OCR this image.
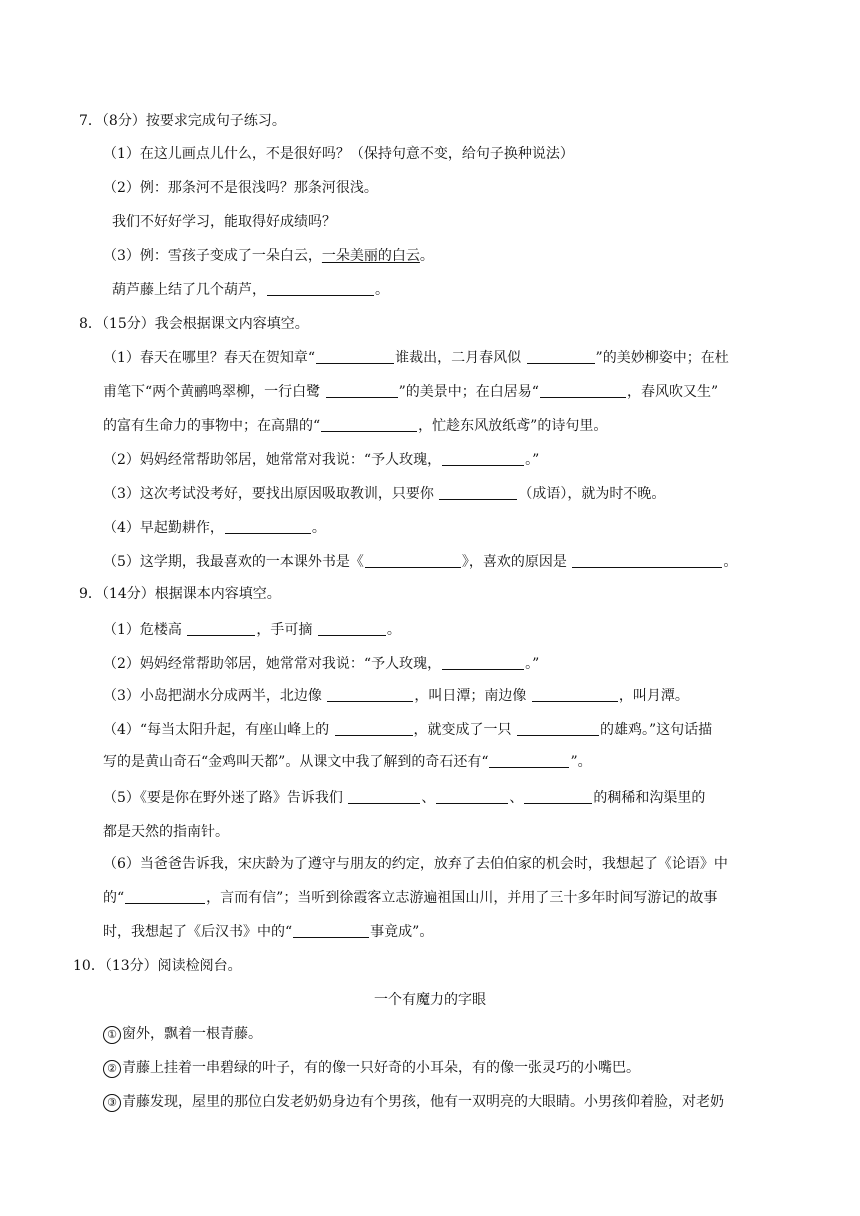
7．（8分）按要求完成句子练习。
（1）在这儿画点儿什么，不是很好吗？（保持句意不变，给句子换种说法）
（2）例：那条河不是很浅吗？那条河很浅。
我们不好好学习，能取得好成绩吗？
（3）例：雪孩子变成了一朵白云，一朵美丽的白云。
葫芦藤上结了几个葫芦，	。
8．（15分）我会根据课文内容填空。
（1）春天在哪里？春天在贺知章“	谁裁出，二月春风似	”的美妙柳姿中；在杜
甫笔下“两个黄鹂鸣翠柳，一行白鹭	”的美景中；在白居易“	，春风吹又生”
的富有生命力的事物中；在高鼎的“	，忙趁东风放纸鸢”的诗句里。
（2）妈妈经常帮助邻居，她常常对我说：“予人玫瑰，	。”
（3）这次考试没考好，要找出原因吸取教训，只要你	（成语），就为时不晚。
（4）早起勤耕作，	。
（5）这学期，我最喜欢的一本课外书是《	》，喜欢的原因是	。
9．（14分）根据课本内容填空。
（1）危楼高	，手可摘	。
（2）妈妈经常帮助邻居，她常常对我说：“予人玫瑰，	。”
（3）小岛把湖水分成两半，北边像	，叫日潭；南边像	，叫月潭。
（4）“每当太阳升起，有座山峰上的	，就变成了一只	的雄鸡。”这句话描
写的是黄山奇石“金鸡叫天都”。从课文中我了解到的奇石还有“	”。
（5）《要是你在野外迷了路》告诉我们	、	、	的稠稀和沟渠里的
都是天然的指南针。
（6）当爸爸告诉我，宋庆龄为了遵守与朋友的约定，放弃了去伯伯家的机会时，我想起了《论语》中
的“	，言而有信”；当听到徐霞客立志游遍祖国山川，并用了三十多年时间写游记的故事
时，我想起了《后汉书》中的“	事竟成”。
10．（13分）阅读检阅台。
一个有魔力的字眼
① 窗外，飘着一根青藤。
② 青藤上挂着一串碧绿的叶子，有的像一只好奇的小耳朵，有的像一张灵巧的小嘴巴。
③ 青藤发现，屋里的那位白发老奶奶身边有个男孩，他有一双明亮的大眼睛。小男孩仰着脸，对老奶
